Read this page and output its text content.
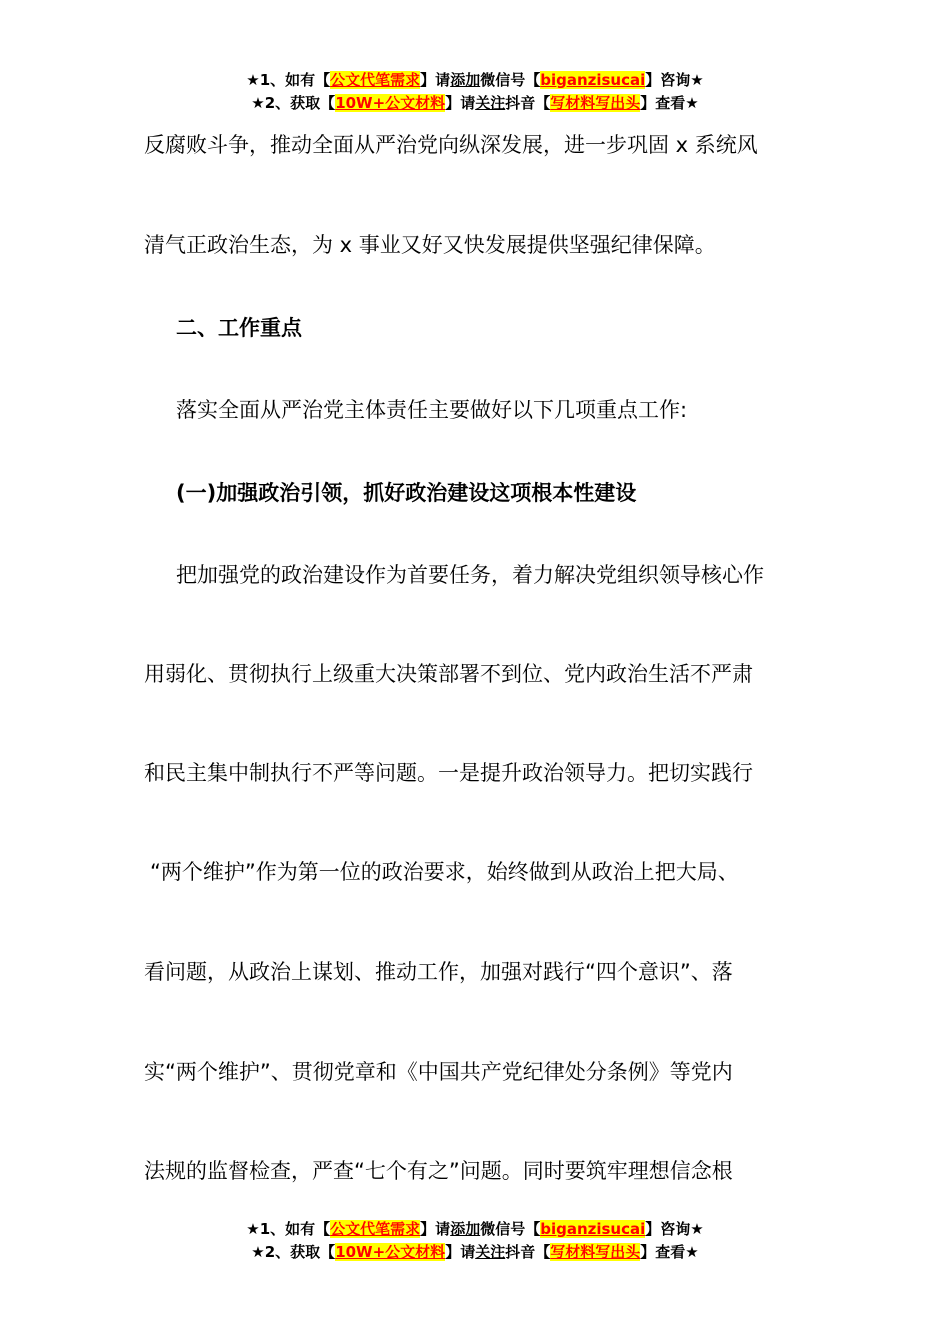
★1、如有【公文代笔需求】请添加微信号【biganzisucai】咨询★
★2、获取【10W+公文材料】请关注抖音【写材料写出头】查看★
反腐败斗争，推动全面从严治党向纵深发展，进一步巩固 x 系统风
清气正政治生态，为 x 事业又好又快发展提供坚强纪律保障。
二、工作重点
落实全面从严治党主体责任主要做好以下几项重点工作:
(一)加强政治引领，抓好政治建设这项根本性建设
把加强党的政治建设作为首要任务，着力解决党组织领导核心作
用弱化、贯彻执行上级重大决策部署不到位、党内政治生活不严肃
和民主集中制执行不严等问题。一是提升政治领导力。把切实践行
“两个维护”作为第一位的政治要求，始终做到从政治上把大局、
看问题，从政治上谋划、推动工作，加强对践行“四个意识”、落
实“两个维护”、贯彻党章和《中国共产党纪律处分条例》等党内
法规的监督检查，严查“七个有之”问题。同时要筑牢理想信念根
★1、如有【公文代笔需求】请添加微信号【biganzisucai】咨询★
★2、获取【10W+公文材料】请关注抖音【写材料写出头】查看★
